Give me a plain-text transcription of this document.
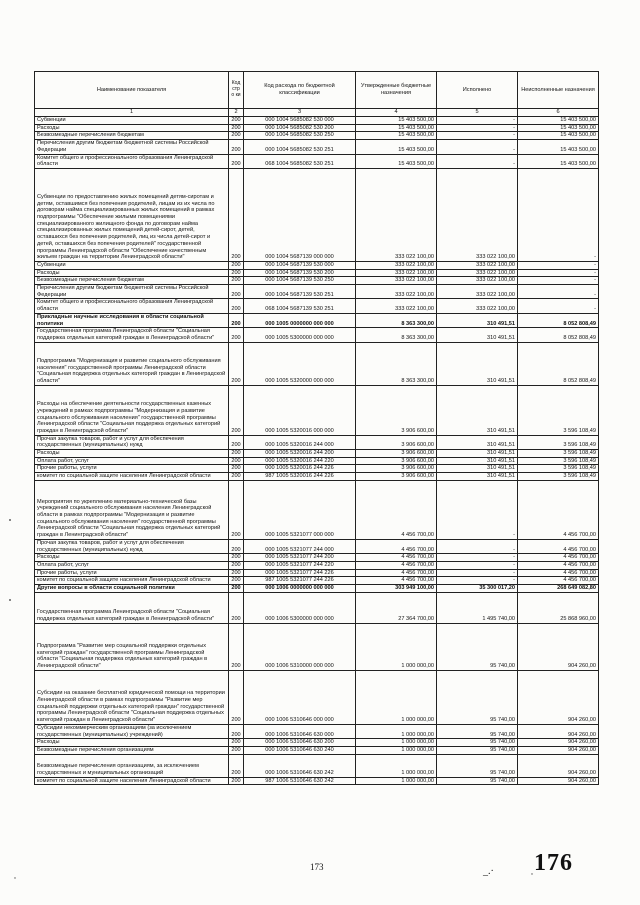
Наименование показателя	Код стро ки	Код расхода по бюджетной классификации	Утвержденные бюджетные назначения	Исполнено	Неисполненные назначения
1	2	3	4	5	6
Субвенции	200	000 1004 5685082 530 000	15 403 500,00	-	15 403 500,00
Расходы	200	000 1004 5685082 530 200	15 403 500,00	-	15 403 500,00
Безвозмездные перечисления бюджетам	200	000 1004 5685082 530 250	15 403 500,00	-	15 403 500,00
Перечисления другим бюджетам бюджетной системы Российской Федерации	200	000 1004 5685082 530 251	15 403 500,00	-	15 403 500,00
Комитет общего и профессионального образования Ленинградской области	200	068 1004 5685082 530 251	15 403 500,00	-	15 403 500,00
Субвенции по предоставлению жилых помещений детям-сиротам и детям, оставшимся без попечения родителей, лицам из их числа по договорам найма специализированных жилых помещений в рамках подпрограммы "Обеспечение жилыми помещениями специализированного жилищного фонда по договорам найма специализированных жилых помещений детей-сирот, детей, оставшихся без попечения родителей, лиц из числа детей-сирот и детей, оставшихся без попечения родителей" государственной программы Ленинградской области "Обеспечение качественным жильем граждан на территории Ленинградской области"	200	000 1004 5687139 000 000	333 022 100,00	333 022 100,00	-
Субвенции	200	000 1004 5687139 530 000	333 022 100,00	333 022 100,00	-
Расходы	200	000 1004 5687139 530 200	333 022 100,00	333 022 100,00	-
Безвозмездные перечисления бюджетам	200	000 1004 5687139 530 250	333 022 100,00	333 022 100,00	-
Перечисления другим бюджетам бюджетной системы Российской Федерации	200	000 1004 5687139 530 251	333 022 100,00	333 022 100,00	-
Комитет общего и профессионального образования Ленинградской области	200	068 1004 5687139 530 251	333 022 100,00	333 022 100,00	-
Прикладные научные исследования в области социальной политики	200	000 1005 0000000 000 000	8 363 300,00	310 491,51	8 052 808,49
Государственная программа Ленинградской области "Социальная поддержка отдельных категорий граждан в Ленинградской области"	200	000 1005 5300000 000 000	8 363 300,00	310 491,51	8 052 808,49
Подпрограмма "Модернизация и развитие социального обслуживания населения" государственной программы Ленинградской области "Социальная поддержка отдельных категорий граждан в Ленинградской области"	200	000 1005 5320000 000 000	8 363 300,00	310 491,51	8 052 808,49
Расходы на обеспечение деятельности государственных казенных учреждений в рамках подпрограммы "Модернизация и развитие социального обслуживания населения" государственной программы Ленинградской области "Социальная поддержка отдельных категорий граждан в Ленинградской области"	200	000 1005 5320016 000 000	3 906 600,00	310 491,51	3 596 108,49
Прочая закупка товаров, работ и услуг для обеспечения государственных (муниципальных) нужд	200	000 1005 5320016 244 000	3 906 600,00	310 491,51	3 596 108,49
Расходы	200	000 1005 5320016 244 200	3 906 600,00	310 491,51	3 596 108,49
Оплата работ, услуг	200	000 1005 5320016 244 220	3 906 600,00	310 491,51	3 596 108,49
Прочие работы, услуги	200	000 1005 5320016 244 226	3 906 600,00	310 491,51	3 596 108,49
комитет по социальной защите населения Ленинградской области	200	987 1005 5320016 244 226	3 906 600,00	310 491,51	3 596 108,49
Мероприятия по укреплению материально-технической базы учреждений социального обслуживания населения Ленинградской области в рамках подпрограммы "Модернизация и развитие социального обслуживания населения" государственной программы Ленинградской области "Социальная поддержка отдельных категорий граждан в Ленинградской области"	200	000 1005 5321077 000 000	4 456 700,00	-	4 456 700,00
Прочая закупка товаров, работ и услуг для обеспечения государственных (муниципальных) нужд	200	000 1005 5321077 244 000	4 456 700,00	-	4 456 700,00
Расходы	200	000 1005 5321077 244 200	4 456 700,00	-	4 456 700,00
Оплата работ, услуг	200	000 1005 5321077 244 220	4 456 700,00	-	4 456 700,00
Прочие работы, услуги	200	000 1005 5321077 244 226	4 456 700,00	-	4 456 700,00
комитет по социальной защите населения Ленинградской области	200	987 1005 5321077 244 226	4 456 700,00	-	4 456 700,00
Другие вопросы в области социальной политики	200	000 1006 0000000 000 000	303 949 100,00	35 300 017,20	268 649 082,80
Государственная программа Ленинградской области "Социальная поддержка отдельных категорий граждан в Ленинградской области"	200	000 1006 5300000 000 000	27 364 700,00	1 495 740,00	25 868 960,00
Подпрограмма "Развитие мер социальной поддержки отдельных категорий граждан" государственной программы Ленинградской области "Социальная поддержка отдельных категорий граждан в Ленинградской области"	200	000 1006 5310000 000 000	1 000 000,00	95 740,00	904 260,00
Субсидии на оказание бесплатной юридической помощи на территории Ленинградской области в рамках подпрограммы "Развитие мер социальной поддержки отдельных категорий граждан" государственной программы Ленинградской области "Социальная поддержка отдельных категорий граждан в Ленинградской области"	200	000 1006 5310646 000 000	1 000 000,00	95 740,00	904 260,00
Субсидии некоммерческим организациям (за исключением государственных (муниципальных) учреждений)	200	000 1006 5310646 630 000	1 000 000,00	95 740,00	904 260,00
Расходы	200	000 1006 5310646 630 200	1 000 000,00	95 740,00	904 260,00
Безвозмездные перечисления организациям	200	000 1006 5310646 630 240	1 000 000,00	95 740,00	904 260,00
Безвозмездные перечисления организациям, за исключением государственных и муниципальных организаций	200	000 1006 5310646 630 242	1 000 000,00	95 740,00	904 260,00
комитет по социальной защите населения Ленинградской области	200	987 1006 5310646 630 242	1 000 000,00	95 740,00	904 260,00
173	_.· 176
